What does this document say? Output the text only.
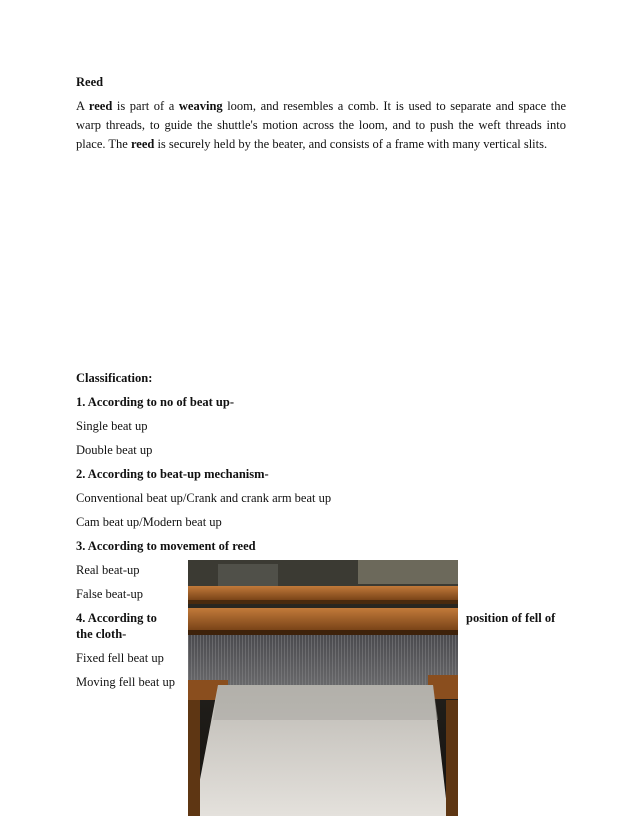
Reed

A reed is part of a weaving loom, and resembles a comb. It is used to separate and space the warp threads, to guide the shuttle's motion across the loom, and to push the weft threads into place. The reed is securely held by the beater, and consists of a frame with many vertical slits.

Classification:
1. According to no of beat up-
Single beat up
Double beat up
2. According to beat-up mechanism-
Conventional beat up/Crank and crank arm beat up
Cam beat up/Modern beat up
3. According to movement of reed
Real beat-up
False beat-up
4. According to	position of fell of
the cloth-
Fixed fell beat up
Moving fell beat up
